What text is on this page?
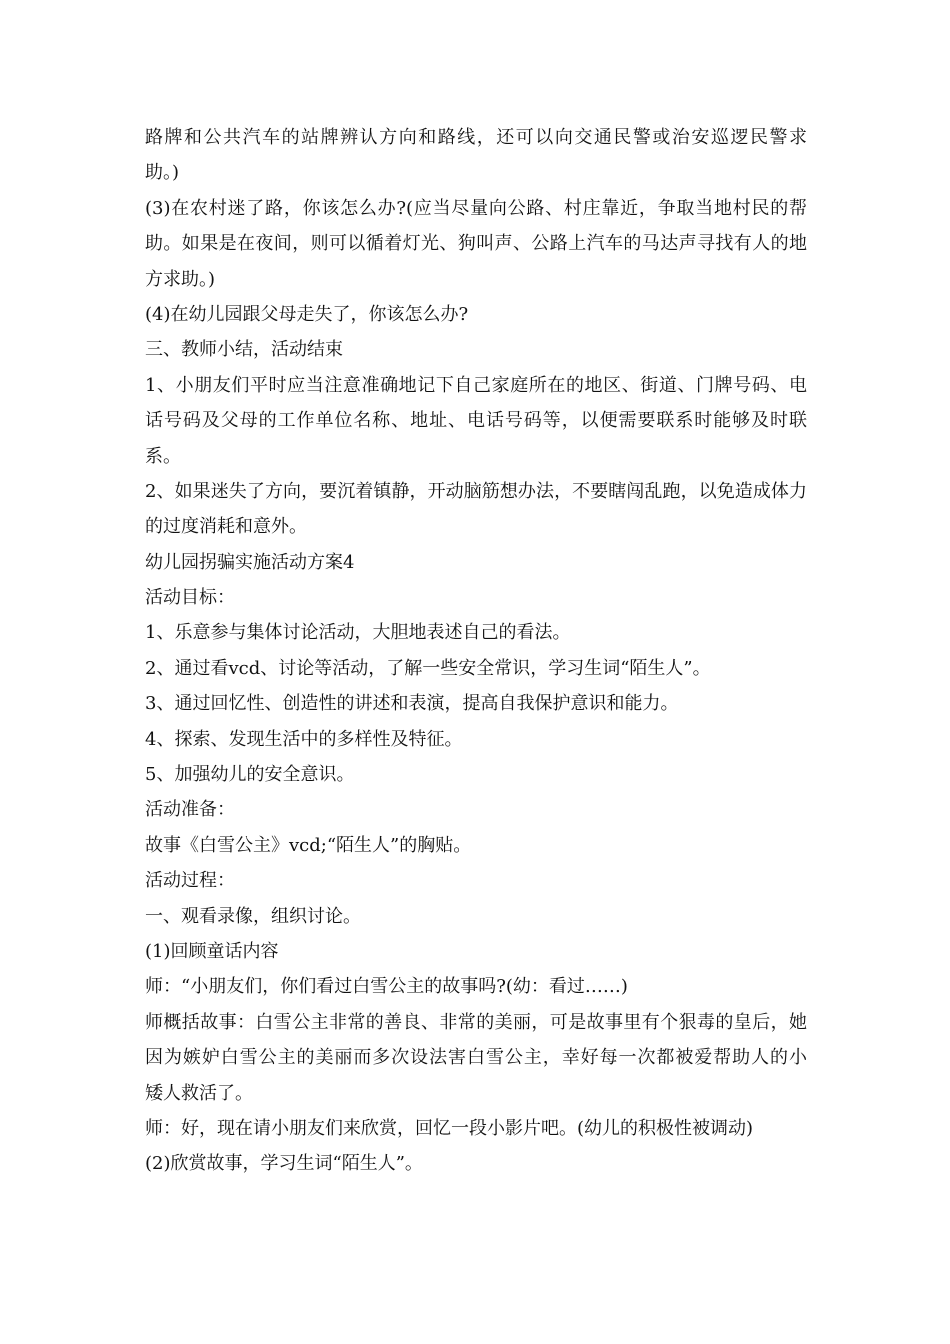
路牌和公共汽车的站牌辨认方向和路线，还可以向交通民警或治安巡逻民警求
助。)
(3)在农村迷了路，你该怎么办?(应当尽量向公路、村庄靠近，争取当地村民的帮
助。如果是在夜间，则可以循着灯光、狗叫声、公路上汽车的马达声寻找有人的地
方求助。)
(4)在幼儿园跟父母走失了，你该怎么办?
三、教师小结，活动结束
1、小朋友们平时应当注意准确地记下自己家庭所在的地区、街道、门牌号码、电
话号码及父母的工作单位名称、地址、电话号码等，以便需要联系时能够及时联
系。
2、如果迷失了方向，要沉着镇静，开动脑筋想办法，不要瞎闯乱跑，以免造成体力
的过度消耗和意外。
幼儿园拐骗实施活动方案4
活动目标：
1、乐意参与集体讨论活动，大胆地表述自己的看法。
2、通过看vcd、讨论等活动，了解一些安全常识，学习生词“陌生人”。
3、通过回忆性、创造性的讲述和表演，提高自我保护意识和能力。
4、探索、发现生活中的多样性及特征。
5、加强幼儿的安全意识。
活动准备：
故事《白雪公主》vcd;“陌生人”的胸贴。
活动过程：
一、观看录像，组织讨论。
(1)回顾童话内容
师：“小朋友们，你们看过白雪公主的故事吗?(幼：看过……)
师概括故事：白雪公主非常的善良、非常的美丽，可是故事里有个狠毒的皇后，她
因为嫉妒白雪公主的美丽而多次设法害白雪公主，幸好每一次都被爱帮助人的小
矮人救活了。
师：好，现在请小朋友们来欣赏，回忆一段小影片吧。(幼儿的积极性被调动)
(2)欣赏故事，学习生词“陌生人”。
